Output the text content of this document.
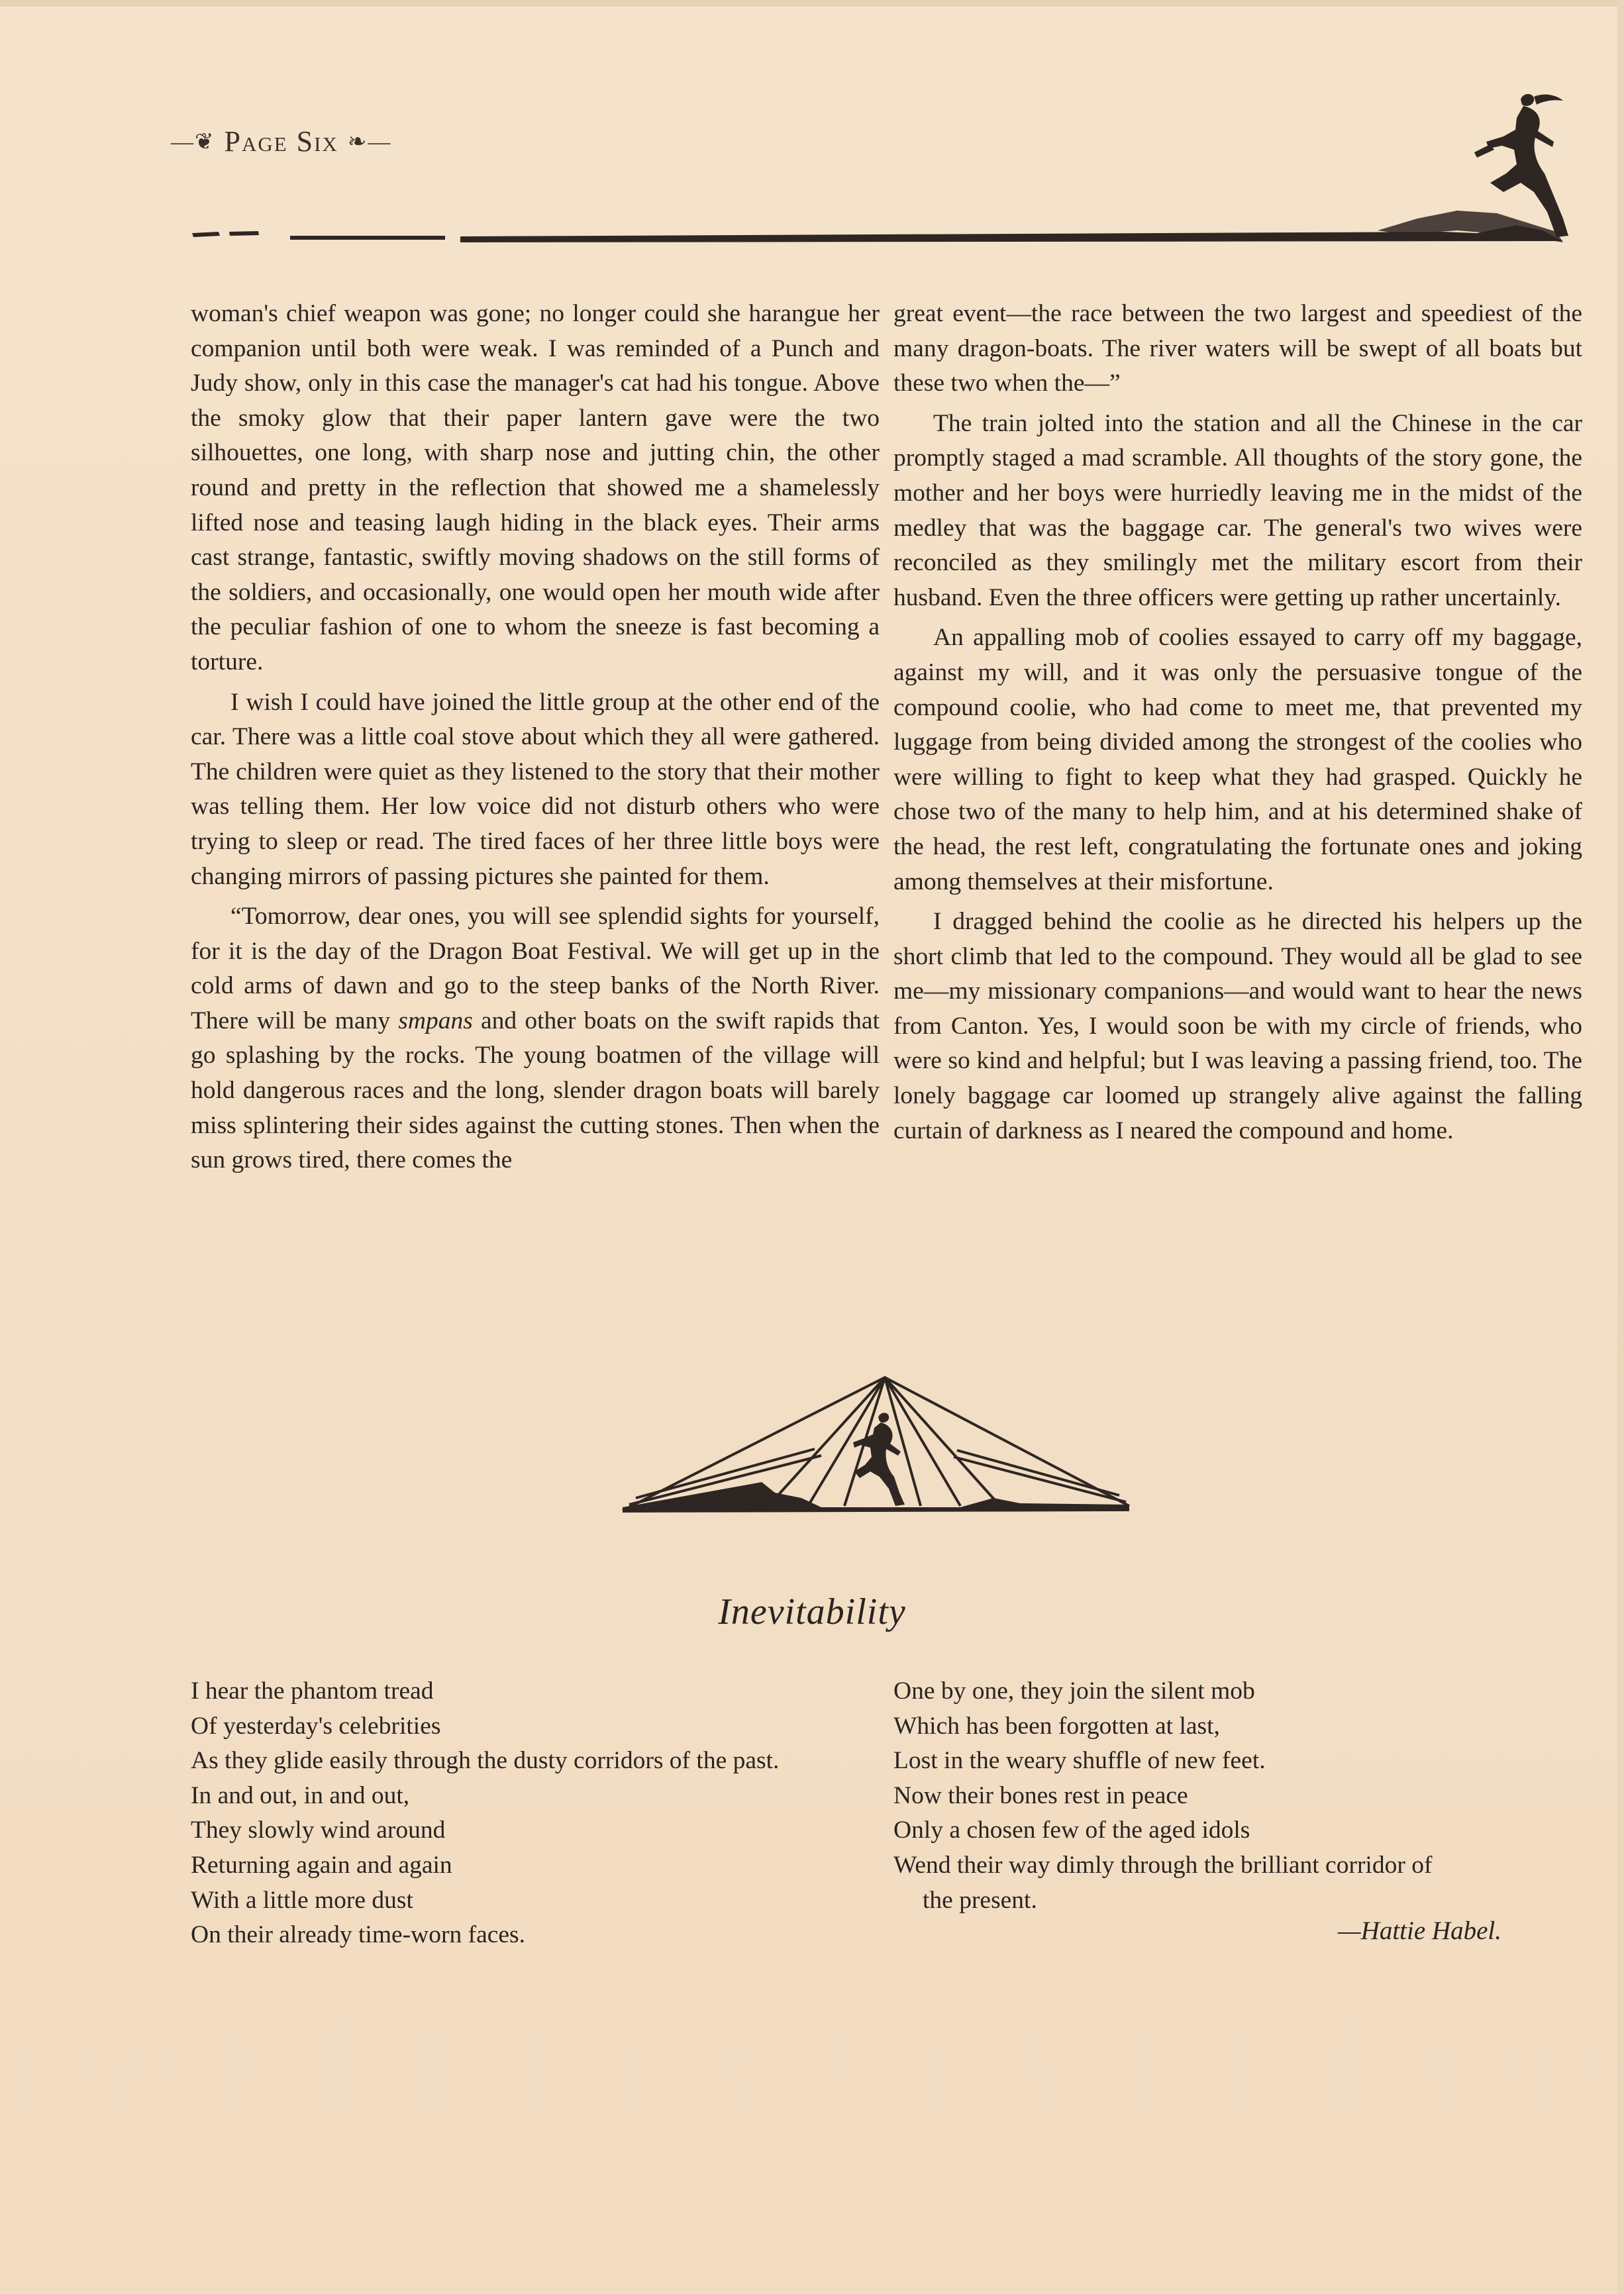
—❦ Page Six ❧—

woman's chief weapon was gone; no longer could she harangue her companion until both were weak. I was reminded of a Punch and Judy show, only in this case the manager's cat had his tongue. Above the smoky glow that their paper lantern gave were the two silhouettes, one long, with sharp nose and jutting chin, the other round and pretty in the reflection that showed me a shamelessly lifted nose and teasing laugh hiding in the black eyes. Their arms cast strange, fantastic, swiftly moving shadows on the still forms of the soldiers, and occasionally, one would open her mouth wide after the peculiar fashion of one to whom the sneeze is fast becoming a torture.

I wish I could have joined the little group at the other end of the car. There was a little coal stove about which they all were gathered. The children were quiet as they listened to the story that their mother was telling them. Her low voice did not disturb others who were trying to sleep or read. The tired faces of her three little boys were changing mirrors of passing pictures she painted for them.

“Tomorrow, dear ones, you will see splendid sights for yourself, for it is the day of the Dragon Boat Festival. We will get up in the cold arms of dawn and go to the steep banks of the North River. There will be many smpans and other boats on the swift rapids that go splashing by the rocks. The young boatmen of the village will hold dangerous races and the long, slender dragon boats will barely miss splintering their sides against the cutting stones. Then when the sun grows tired, there comes the

great event—the race between the two largest and speediest of the many dragon-boats. The river waters will be swept of all boats but these two when the—”

The train jolted into the station and all the Chinese in the car promptly staged a mad scramble. All thoughts of the story gone, the mother and her boys were hurriedly leaving me in the midst of the medley that was the baggage car. The general's two wives were reconciled as they smilingly met the military escort from their husband. Even the three officers were getting up rather uncertainly.

An appalling mob of coolies essayed to carry off my baggage, against my will, and it was only the persuasive tongue of the compound coolie, who had come to meet me, that prevented my luggage from being divided among the strongest of the coolies who were willing to fight to keep what they had grasped. Quickly he chose two of the many to help him, and at his determined shake of the head, the rest left, congratulating the fortunate ones and joking among themselves at their misfortune.

I dragged behind the coolie as he directed his helpers up the short climb that led to the compound. They would all be glad to see me—my missionary companions—and would want to hear the news from Canton. Yes, I would soon be with my circle of friends, who were so kind and helpful; but I was leaving a passing friend, too. The lonely baggage car loomed up strangely alive against the falling curtain of darkness as I neared the compound and home.

Inevitability
I hear the phantom tread
Of yesterday's celebrities
As they glide easily through the dusty corridors of the past.
In and out, in and out,
They slowly wind around
Returning again and again
With a little more dust
On their already time-worn faces.
One by one, they join the silent mob
Which has been forgotten at last,
Lost in the weary shuffle of new feet.
Now their bones rest in peace
Only a chosen few of the aged idols
Wend their way dimly through the brilliant corridor of
the present.
—Hattie Habel.
